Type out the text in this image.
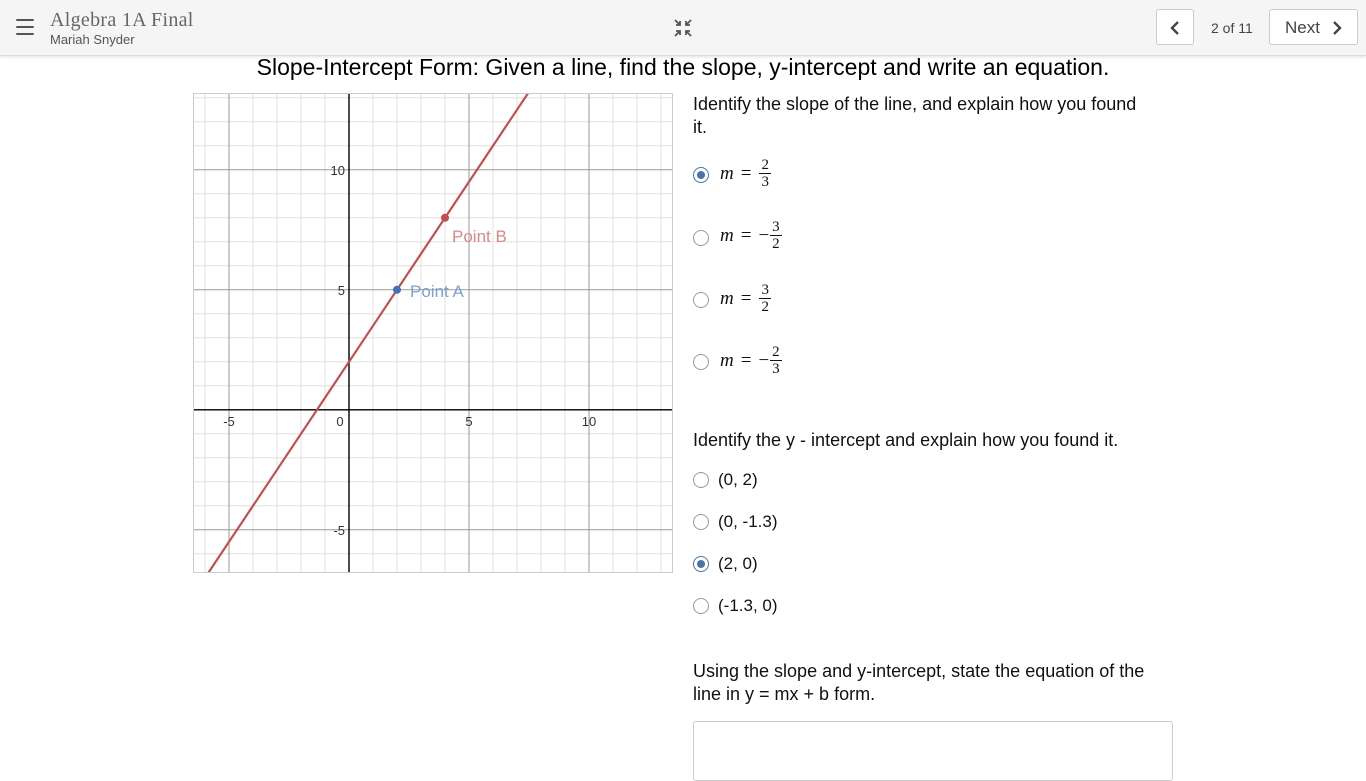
Algebra 1A Final
Mariah Snyder
2 of 11 Next
Slope-Intercept Form: Given a line, find the slope, y-intercept and write an equation.
-5	0	5	10
10
5
-5
Point A
Point B
Identify the slope of the line, and explain how you found it.
$m = \frac{2}{3}$
m = − $\frac{3}{2}$
$m = \frac{3}{2}$
m = − $\frac{2}{3}$
Identify the y - intercept and explain how you found it.
(0, 2)
(0, -1.3)
(2, 0)
(-1.3, 0)
Using the slope and y-intercept, state the equation of the line in y = mx + b form.
